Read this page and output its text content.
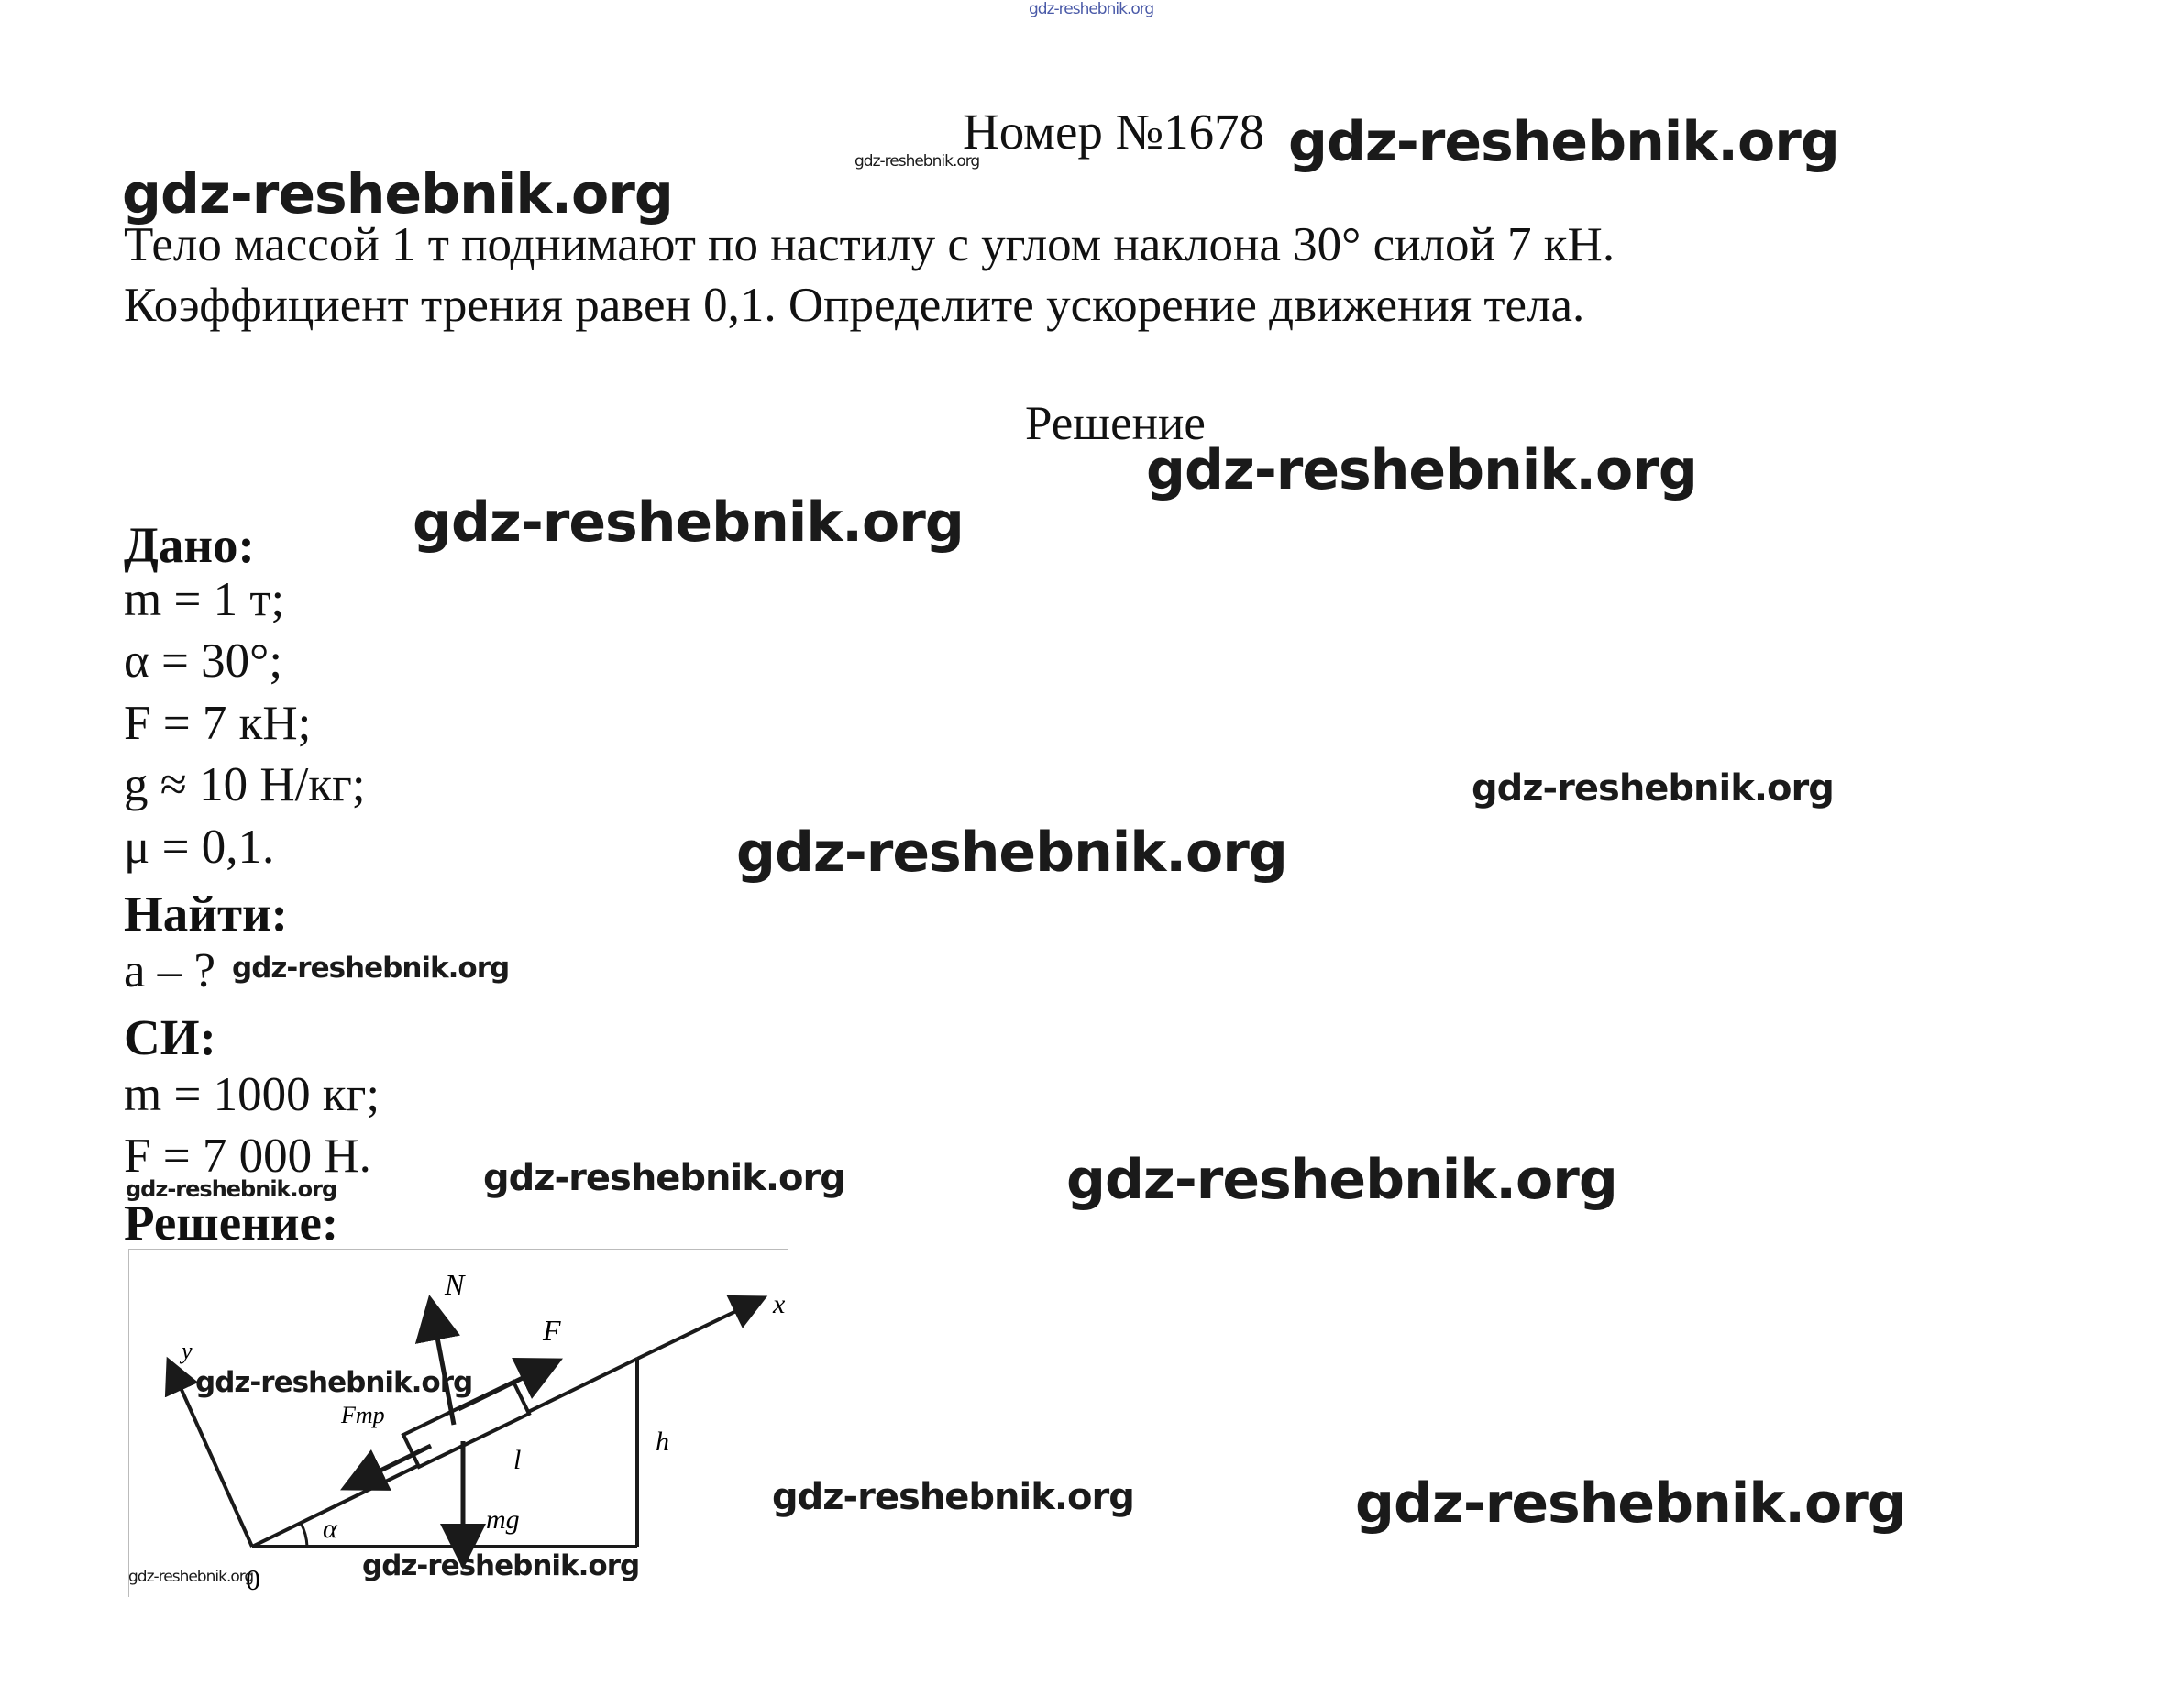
gdz-reshebnik.org
Номер №1678
gdz-reshebnik.org	gdz-reshebnik.org
gdz-reshebnik.org
Тело массой 1 т поднимают по настилу с углом наклона 30° силой 7 кН.
Коэффициент трения равен 0,1. Определите ускорение движения тела.
Решение
gdz-reshebnik.org
Дано:	gdz-reshebnik.org
m = 1 т;
α = 30°;
F = 7 кН;
g ≈ 10 Н/кг;
μ = 0,1.
gdz-reshebnik.org
gdz-reshebnik.org
Найти:
a – ? gdz-reshebnik.org
СИ:
m = 1000 кг;
F = 7 000 Н.
gdz-reshebnik.org	gdz-reshebnik.org	gdz-reshebnik.org
Решение:
x
y
N
F
Fтр
mg
l
h
α
0
gdz-reshebnik.org
gdz-reshebnik.org	gdz-reshebnik.org
gdz-reshebnik.org	gdz-reshebnik.org
